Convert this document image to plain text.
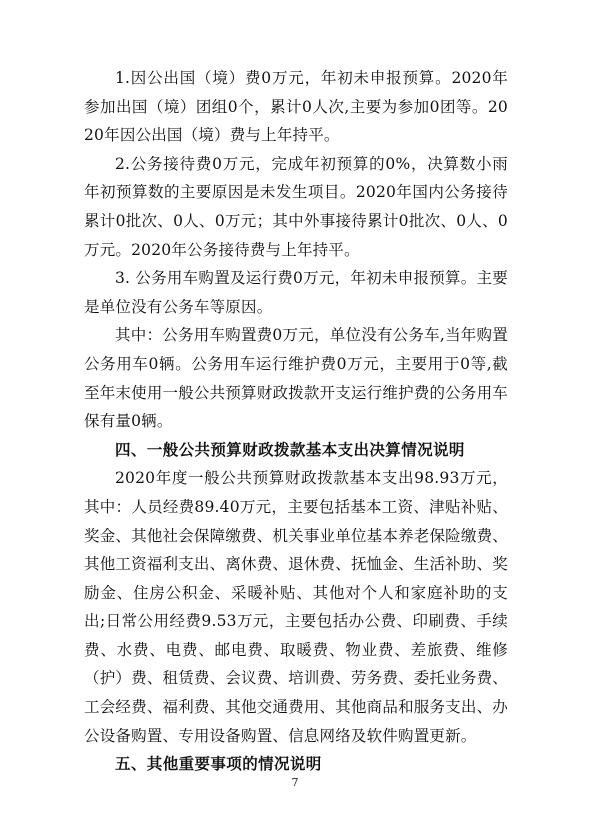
1.因公出国（境）费0万元，年初未申报预算。2020年参加出国（境）团组0个，累计0人次,主要为参加0团等。2020年因公出国（境）费与上年持平。

2.公务接待费0万元，完成年初预算的0%，决算数小雨年初预算数的主要原因是未发生项目。2020年国内公务接待累计0批次、0人、0万元；其中外事接待累计0批次、0人、0万元。2020年公务接待费与上年持平。

3. 公务用车购置及运行费0万元，年初未申报预算。主要是单位没有公务车等原因。

其中：公务用车购置费0万元，单位没有公务车,当年购置公务用车0辆。公务用车运行维护费0万元，主要用于0等,截至年末使用一般公共预算财政拨款开支运行维护费的公务用车保有量0辆。

四、一般公共预算财政拨款基本支出决算情况说明

2020年度一般公共预算财政拨款基本支出98.93万元，其中：人员经费89.40万元，主要包括基本工资、津贴补贴、奖金、其他社会保障缴费、机关事业单位基本养老保险缴费、其他工资福利支出、离休费、退休费、抚恤金、生活补助、奖励金、住房公积金、采暖补贴、其他对个人和家庭补助的支出;日常公用经费9.53万元，主要包括办公费、印刷费、手续费、水费、电费、邮电费、取暖费、物业费、差旅费、维修（护）费、租赁费、会议费、培训费、劳务费、委托业务费、工会经费、福利费、其他交通费用、其他商品和服务支出、办公设备购置、专用设备购置、信息网络及软件购置更新。

五、其他重要事项的情况说明
7
